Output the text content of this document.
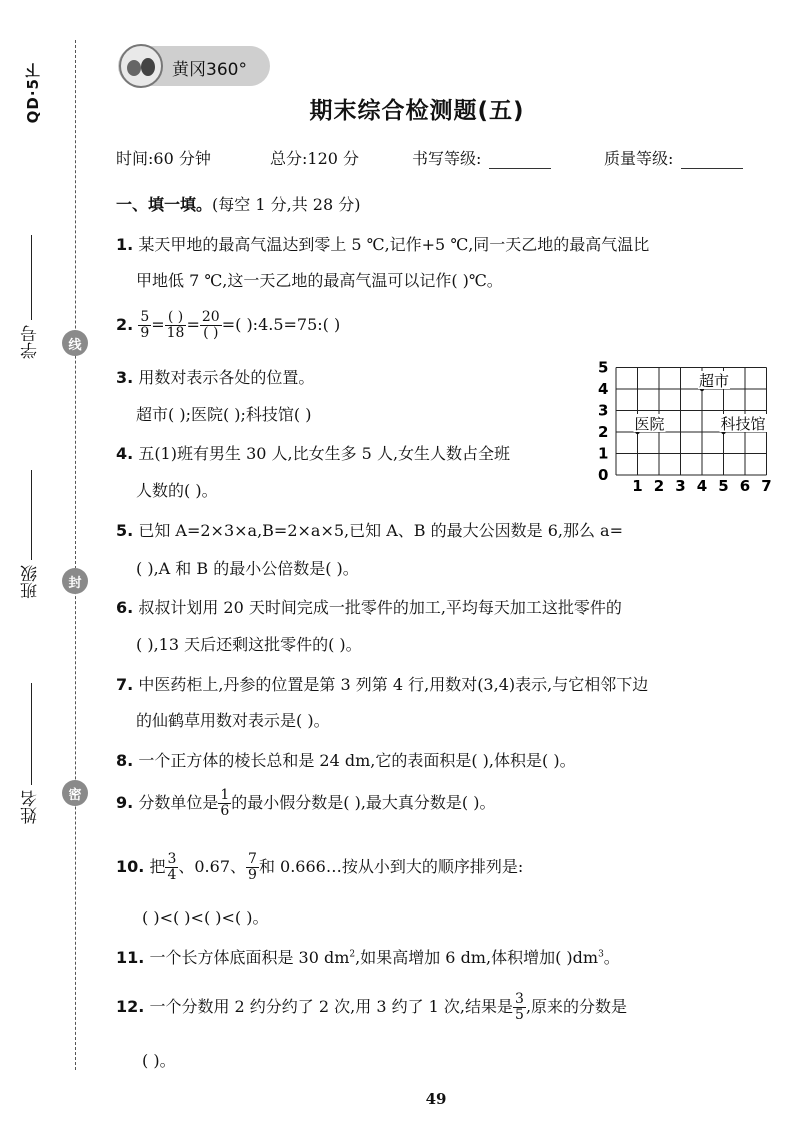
QD·5下
学号
班级
姓名
线
封
密
黄冈360°
期末综合检测题(五)
时间:60 分钟	总分:120 分	书写等级:	质量等级:
一、填一填。(每空 1 分,共 28 分)
1. 某天甲地的最高气温达到零上 5 ℃,记作+5 ℃,同一天乙地的最高气温比
甲地低 7 ℃,这一天乙地的最高气温可以记作( )℃。
2. $\frac{5}{9} = \frac{( )}{18} = \frac{20}{( )}$ =( ):4.5=75:( )
3. 用数对表示各处的位置。
超市( );医院( );科技馆( )
0
1 2 3 4 5 6 7
1
2
3
4
5
超市
医院	科技馆
4. 五(1)班有男生 30 人,比女生多 5 人,女生人数占全班
人数的( )。
5. 已知 A=2×3×a,B=2×a×5,已知 A、B 的最大公因数是 6,那么 a=
( ),A 和 B 的最小公倍数是( )。
6. 叔叔计划用 20 天时间完成一批零件的加工,平均每天加工这批零件的
( ),13 天后还剩这批零件的( )。
7. 中医药柜上,丹参的位置是第 3 列第 4 行,用数对(3,4)表示,与它相邻下边
的仙鹤草用数对表示是( )。
8. 一个正方体的棱长总和是 24 dm,它的表面积是( ),体积是( )。
9. 分数单位是 $\frac{1}{6}$ 的最小假分数是( ),最大真分数是( )。
10. 把 $\frac{3}{4}$ 、0.67、 $\frac{7}{9}$ 和 0.666…按从小到大的顺序排列是:
( )<( )<( )<( )。
11. 一个长方体底面积是 30 $dm^2$,如果高增加 6 dm,体积增加( )$dm^3$。
12. 一个分数用 2 约分约了 2 次,用 3 约了 1 次,结果是 $\frac{3}{5}$ ,原来的分数是
( )。
49
